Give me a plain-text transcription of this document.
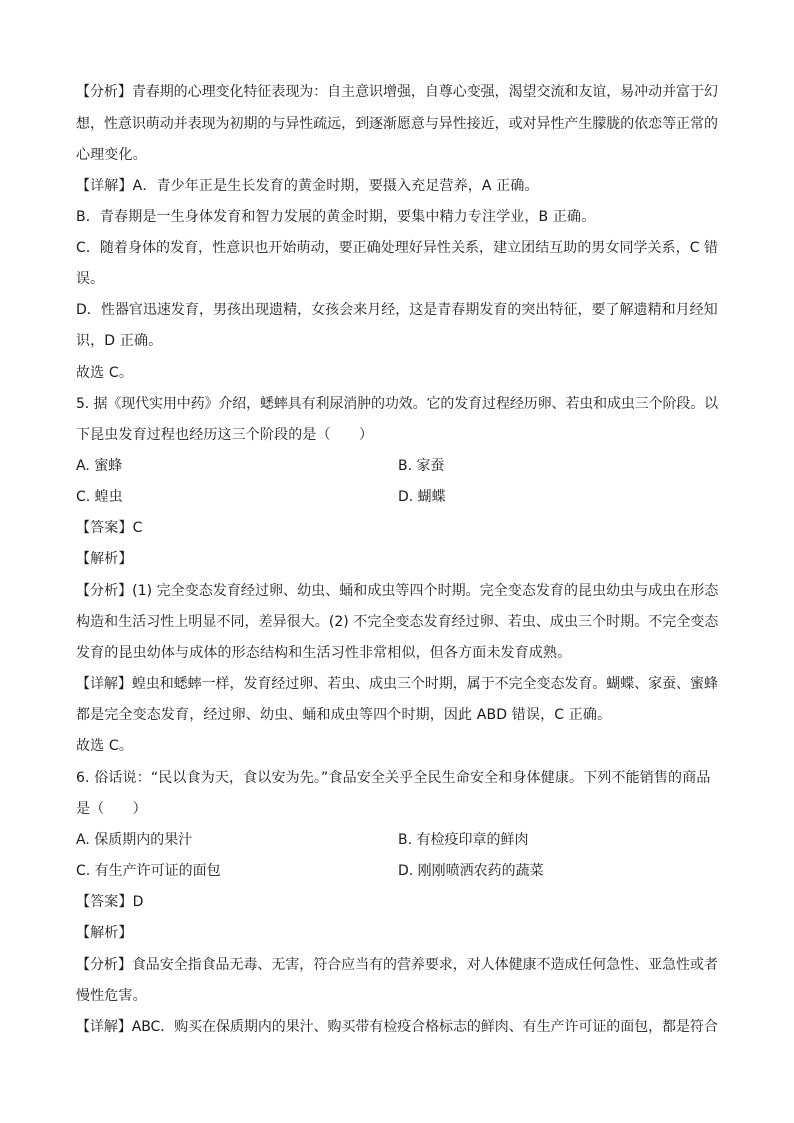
【分析】青春期的心理变化特征表现为：自主意识增强，自尊心变强，渴望交流和友谊，易冲动并富于幻
想，性意识萌动并表现为初期的与异性疏远，到逐渐愿意与异性接近，或对异性产生朦胧的依恋等正常的
心理变化。
【详解】A．青少年正是生长发育的黄金时期，要摄入充足营养，A 正确。
B．青春期是一生身体发育和智力发展的黄金时期，要集中精力专注学业，B 正确。
C．随着身体的发育，性意识也开始萌动，要正确处理好异性关系，建立团结互助的男女同学关系，C 错
误。
D．性器官迅速发育，男孩出现遗精，女孩会来月经，这是青春期发育的突出特征，要了解遗精和月经知
识，D 正确。
故选 C。
5. 据《现代实用中药》介绍，蟋蟀具有利尿消肿的功效。它的发育过程经历卵、若虫和成虫三个阶段。以
下昆虫发育过程也经历这三个阶段的是（　　）
A. 蜜蜂	B. 家蚕
C. 蝗虫	D. 蝴蝶
【答案】C
【解析】
【分析】(1) 完全变态发育经过卵、幼虫、蛹和成虫等四个时期。完全变态发育的昆虫幼虫与成虫在形态
构造和生活习性上明显不同，差异很大。(2) 不完全变态发育经过卵、若虫、成虫三个时期。不完全变态
发育的昆虫幼体与成体的形态结构和生活习性非常相似，但各方面未发育成熟。
【详解】蝗虫和蟋蟀一样，发育经过卵、若虫、成虫三个时期，属于不完全变态发育。蝴蝶、家蚕、蜜蜂
都是完全变态发育，经过卵、幼虫、蛹和成虫等四个时期，因此 ABD 错误，C 正确。
故选 C。
6. 俗话说：“民以食为天，食以安为先。”食品安全关乎全民生命安全和身体健康。下列不能销售的商品
是（　　）
A. 保质期内的果汁	B. 有检疫印章的鲜肉
C. 有生产许可证的面包	D. 刚刚喷洒农药的蔬菜
【答案】D
【解析】
【分析】食品安全指食品无毒、无害，符合应当有的营养要求，对人体健康不造成任何急性、亚急性或者
慢性危害。
【详解】ABC．购买在保质期内的果汁、购买带有检疫合格标志的鲜肉、有生产许可证的面包，都是符合
